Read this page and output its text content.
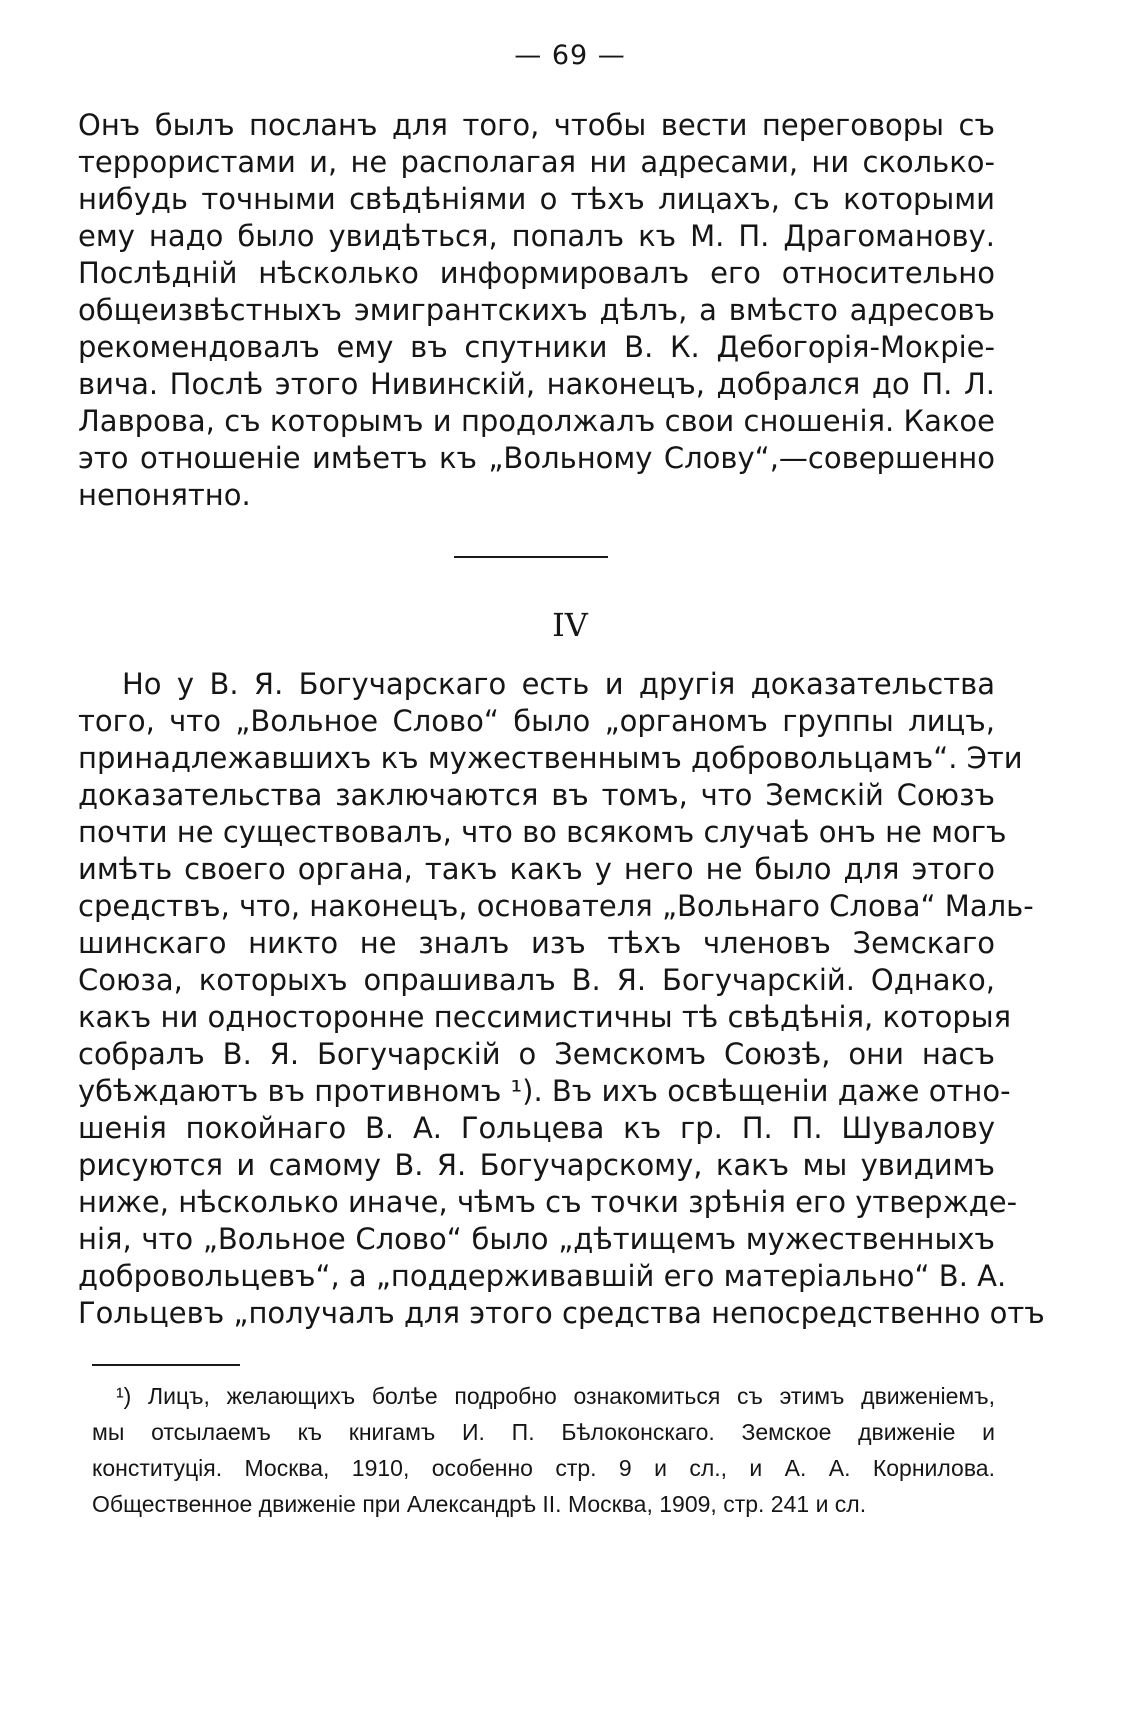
— 69 —
Онъ былъ посланъ для того, чтобы вести переговоры съ
террористами и, не располагая ни адресами, ни сколько-
нибудь точными свѣдѣніями о тѣхъ лицахъ, съ которыми
ему надо было увидѣться, попалъ къ М. П. Драгоманову.
Послѣдній нѣсколько информировалъ его относительно
общеизвѣстныхъ эмигрантскихъ дѣлъ, а вмѣсто адресовъ
рекомендовалъ ему въ спутники В. К. Дебогорія-Мокріе-
вича. Послѣ этого Нивинскій, наконецъ, добрался до П. Л.
Лаврова, съ которымъ и продолжалъ свои сношенія. Какое
это отношеніе имѣетъ къ „Вольному Слову“,—совершенно
непонятно.
IV
Но у В. Я. Богучарскаго есть и другія доказательства
того, что „Вольное Слово“ было „органомъ группы лицъ,
принадлежавшихъ къ мужественнымъ добровольцамъ“. Эти
доказательства заключаются въ томъ, что Земскій Союзъ
почти не существовалъ, что во всякомъ случаѣ онъ не могъ
имѣть своего органа, такъ какъ у него не было для этого
средствъ, что, наконецъ, основателя „Вольнаго Слова“ Маль-
шинскаго никто не зналъ изъ тѣхъ членовъ Земскаго
Союза, которыхъ опрашивалъ В. Я. Богучарскій. Однако,
какъ ни односторонне пессимистичны тѣ свѣдѣнія, которыя
собралъ В. Я. Богучарскій о Земскомъ Союзѣ, они насъ
убѣждаютъ въ противномъ ¹). Въ ихъ освѣщеніи даже отно-
шенія покойнаго В. А. Гольцева къ гр. П. П. Шувалову
рисуются и самому В. Я. Богучарскому, какъ мы увидимъ
ниже, нѣсколько иначе, чѣмъ съ точки зрѣнія его утвержде-
нія, что „Вольное Слово“ было „дѣтищемъ мужественныхъ
добровольцевъ“, а „поддерживавшій его матеріально“ В. А.
Гольцевъ „получалъ для этого средства непосредственно отъ
¹) Лицъ, желающихъ болѣе подробно ознакомиться съ этимъ движеніемъ,
мы отсылаемъ къ книгамъ И. П. Бѣлоконскаго. Земское движеніе и
конституція. Москва, 1910, особенно стр. 9 и сл., и А. А. Корнилова.
Общественное движеніе при Александрѣ II. Москва, 1909, стр. 241 и сл.
